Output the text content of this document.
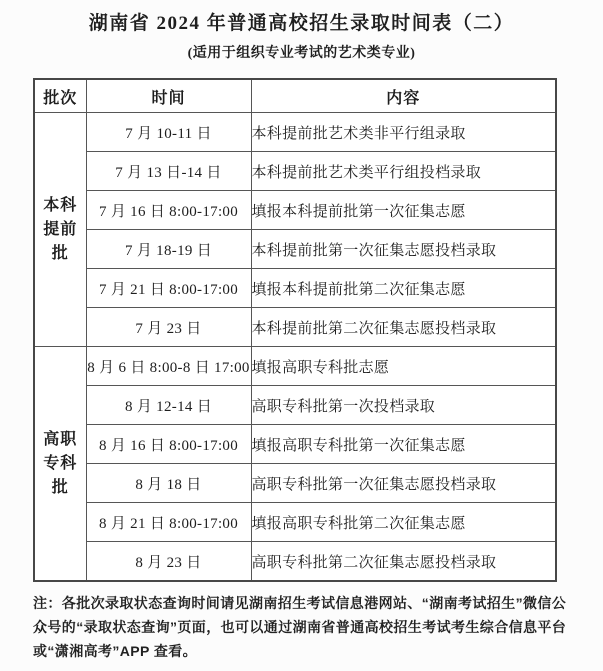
湖南省 2024 年普通高校招生录取时间表（二）
(适用于组织专业考试的艺术类专业)
批次	时间	内容

本科提前批	7 月 10-11 日	本科提前批艺术类非平行组录取
	7 月 13 日-14 日	本科提前批艺术类平行组投档录取
	7 月 16 日 8:00-17:00	填报本科提前批第一次征集志愿
	7 月 18-19 日	本科提前批第一次征集志愿投档录取
	7 月 21 日 8:00-17:00	填报本科提前批第二次征集志愿
	7 月 23 日	本科提前批第二次征集志愿投档录取

高职专科批	8 月 6 日 8:00-8 日 17:00	填报高职专科批志愿
	8 月 12-14 日	高职专科批第一次投档录取
	8 月 16 日 8:00-17:00	填报高职专科批第一次征集志愿
	8 月 18 日	高职专科批第一次征集志愿投档录取
	8 月 21 日 8:00-17:00	填报高职专科批第二次征集志愿
	8 月 23 日	高职专科批第二次征集志愿投档录取
注：各批次录取状态查询时间请见湖南招生考试信息港网站、“湖南考试招生”微信公众号的“录取状态查询”页面，也可以通过湖南省普通高校招生考试考生综合信息平台或“潇湘高考”APP 查看。
